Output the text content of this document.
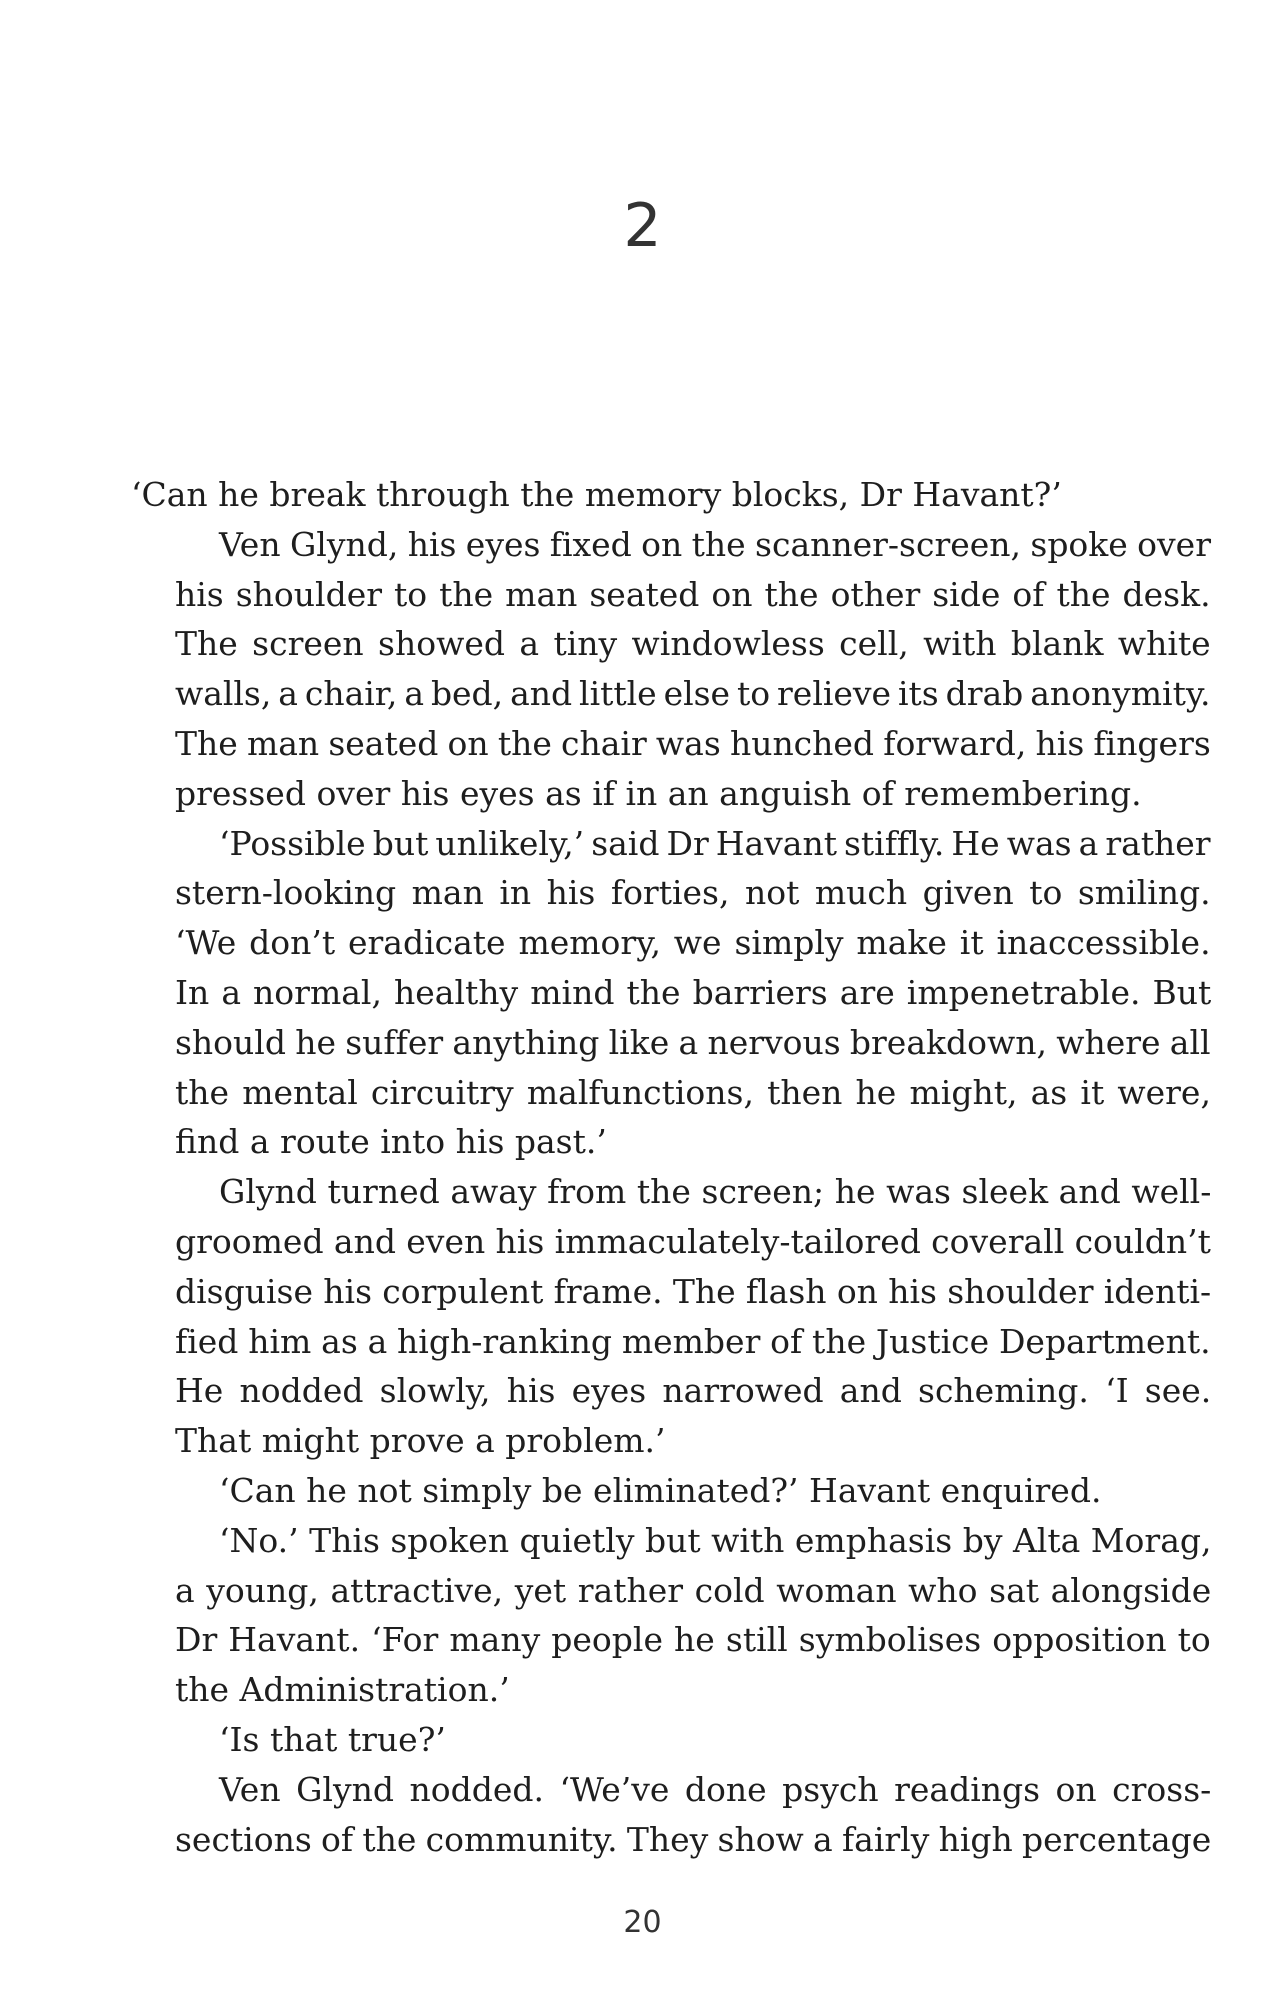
2

‘Can he break through the memory blocks, Dr Havant?’

Ven Glynd, his eyes fixed on the scanner-screen, spoke over
his shoulder to the man seated on the other side of the desk.
The screen showed a tiny windowless cell, with blank white
walls, a chair, a bed, and little else to relieve its drab anonymity.
The man seated on the chair was hunched forward, his fingers
pressed over his eyes as if in an anguish of remembering.

‘Possible but unlikely,’ said Dr Havant stiffly. He was a rather
stern-looking man in his forties, not much given to smiling.
‘We don’t eradicate memory, we simply make it inaccessible.
In a normal, healthy mind the barriers are impenetrable. But
should he suffer anything like a nervous breakdown, where all
the mental circuitry malfunctions, then he might, as it were,
find a route into his past.’

Glynd turned away from the screen; he was sleek and well-
groomed and even his immaculately-tailored coverall couldn’t
disguise his corpulent frame. The flash on his shoulder identi-
fied him as a high-ranking member of the Justice Department.
He nodded slowly, his eyes narrowed and scheming. ‘I see.
That might prove a problem.’

‘Can he not simply be eliminated?’ Havant enquired.

‘No.’ This spoken quietly but with emphasis by Alta Morag,
a young, attractive, yet rather cold woman who sat alongside
Dr Havant. ‘For many people he still symbolises opposition to
the Administration.’

‘Is that true?’

Ven Glynd nodded. ‘We’ve done psych readings on cross-
sections of the community. They show a fairly high percentage

20
